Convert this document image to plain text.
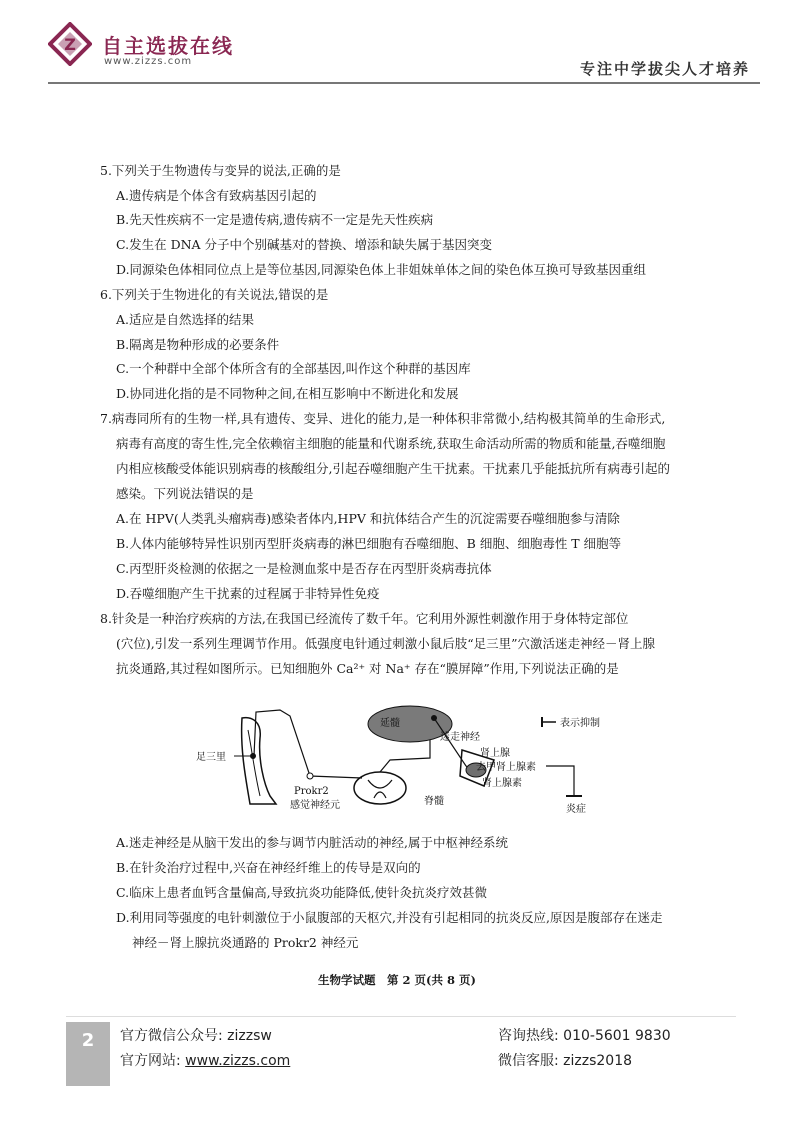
Z 自主选拔在线
www.zizzs.com	专注中学拔尖人才培养
5.下列关于生物遗传与变异的说法,正确的是
A.遗传病是个体含有致病基因引起的
B.先天性疾病不一定是遗传病,遗传病不一定是先天性疾病
C.发生在 DNA 分子中个别碱基对的替换、增添和缺失属于基因突变
D.同源染色体相同位点上是等位基因,同源染色体上非姐妹单体之间的染色体互换可导致基因重组
6.下列关于生物进化的有关说法,错误的是
A.适应是自然选择的结果
B.隔离是物种形成的必要条件
C.一个种群中全部个体所含有的全部基因,叫作这个种群的基因库
D.协同进化指的是不同物种之间,在相互影响中不断进化和发展
7.病毒同所有的生物一样,具有遗传、变异、进化的能力,是一种体积非常微小,结构极其简单的生命形式,
病毒有高度的寄生性,完全依赖宿主细胞的能量和代谢系统,获取生命活动所需的物质和能量,吞噬细胞
内相应核酸受体能识别病毒的核酸组分,引起吞噬细胞产生干扰素。干扰素几乎能抵抗所有病毒引起的
感染。下列说法错误的是
A.在 HPV(人类乳头瘤病毒)感染者体内,HPV 和抗体结合产生的沉淀需要吞噬细胞参与清除
B.人体内能够特异性识别丙型肝炎病毒的淋巴细胞有吞噬细胞、B 细胞、细胞毒性 T 细胞等
C.丙型肝炎检测的依据之一是检测血浆中是否存在丙型肝炎病毒抗体
D.吞噬细胞产生干扰素的过程属于非特异性免疫
8.针灸是一种治疗疾病的方法,在我国已经流传了数千年。它利用外源性刺激作用于身体特定部位
(穴位),引发一系列生理调节作用。低强度电针通过刺激小鼠后肢“足三里”穴激活迷走神经－肾上腺
抗炎通路,其过程如图所示。已知细胞外 Ca²⁺ 对 Na⁺ 存在“膜屏障”作用,下列说法正确的是
足三里
Prokr2
感觉神经元	脊髓
延髓
迷走神经
肾上腺
去甲肾上腺素
肾上腺素
炎症
表示抑制
A.迷走神经是从脑干发出的参与调节内脏活动的神经,属于中枢神经系统
B.在针灸治疗过程中,兴奋在神经纤维上的传导是双向的
C.临床上患者血钙含量偏高,导致抗炎功能降低,使针灸抗炎疗效甚微
D.利用同等强度的电针刺激位于小鼠腹部的天枢穴,并没有引起相同的抗炎反应,原因是腹部存在迷走
神经－肾上腺抗炎通路的 Prokr2 神经元
生物学试题　第 2 页(共 8 页)
2	官方微信公众号: zizzsw
官方网站: www.zizzs.com
咨询热线: 010-5601 9830
微信客服: zizzs2018
